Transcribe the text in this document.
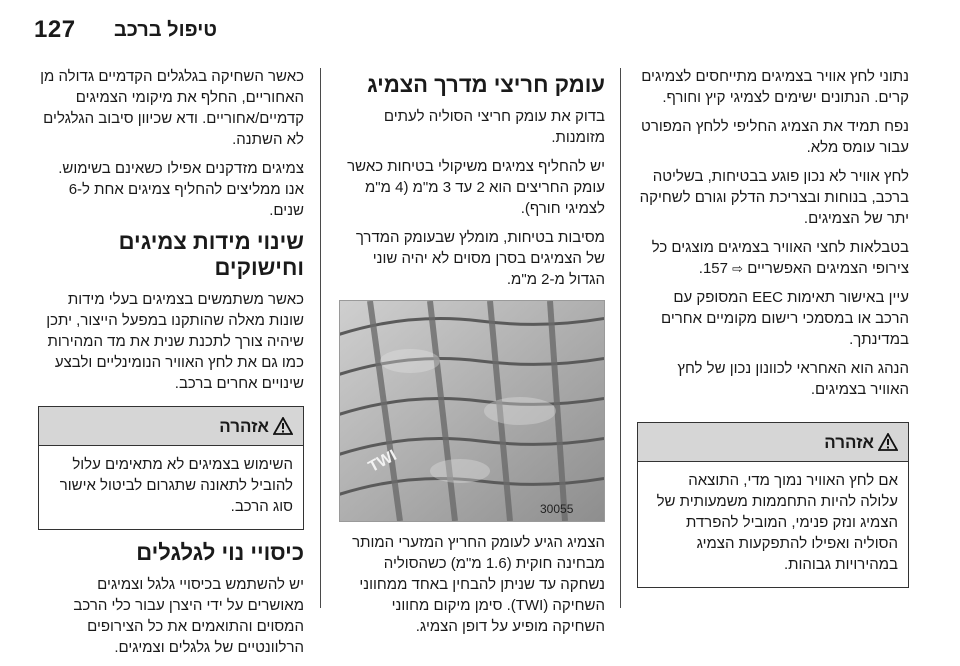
127 טיפול ברכב

נתוני לחץ אוויר בצמיגים מתייחסים לצמיגים קרים. הנתונים ישימים לצמיגי קיץ וחורף.

נפח תמיד את הצמיג החליפי ללחץ המפורט עבור עומס מלא.

לחץ אוויר לא נכון פוגע בבטיחות, בשליטה ברכב, בנוחות ובצריכת הדלק וגורם לשחיקה יתר של הצמיגים.

בטבלאות לחצי האוויר בצמיגים מוצגים כל צירופי הצמיגים האפשריים ⇨ 157.

עיין באישור תאימות EEC המסופק עם הרכב או במסמכי רישום מקומיים אחרים במדינתך.

הנהג הוא האחראי לכוונון נכון של לחץ האוויר בצמיגים.

אזהרה
אם לחץ האוויר נמוך מדי, התוצאה עלולה להיות התחממות משמעותית של הצמיג ונזק פנימי, המוביל להפרדת הסוליה ואפילו להתפקעות הצמיג במהירויות גבוהות.
עומק חריצי מדרך הצמיג

בדוק את עומק חריצי הסוליה לעתים מזומנות.

יש להחליף צמיגים משיקולי בטיחות כאשר עומק החריצים הוא 2 עד 3 מ"מ (4 מ"מ לצמיגי חורף).

מסיבות בטיחות, מומלץ שבעומק המדרך של הצמיגים בסרן מסוים לא יהיה שוני הגדול מ-2 מ"מ.

TWI
30055

הצמיג הגיע לעומק החריץ המזערי המותר מבחינה חוקית (1.6 מ"מ) כשהסוליה נשחקה עד שניתן להבחין באחד ממחווני השחיקה (TWI). סימן מיקום מחווני השחיקה מופיע על דופן הצמיג.

כאשר השחיקה בגלגלים הקדמיים גדולה מן האחוריים, החלף את מיקומי הצמיגים קדמיים/אחוריים. ודא שכיוון סיבוב הגלגלים לא השתנה.

צמיגים מזדקנים אפילו כשאינם בשימוש. אנו ממליצים להחליף צמיגים אחת ל-6 שנים.

שינוי מידות צמיגים וחישוקים

כאשר משתמשים בצמיגים בעלי מידות שונות מאלה שהותקנו במפעל הייצור, יתכן שיהיה צורך לתכנת שנית את מד המהירות כמו גם את לחץ האוויר הנומינליים ולבצע שינויים אחרים ברכב.

אזהרה
השימוש בצמיגים לא מתאימים עלול להוביל לתאונה שתגרום לביטול אישור סוג הרכב.
כיסויי נוי לגלגלים

יש להשתמש בכיסויי גלגל וצמיגים מאושרים על ידי היצרן עבור כלי הרכב המסוים והתואמים את כל הצירופים הרלוונטיים של גלגלים וצמיגים.
